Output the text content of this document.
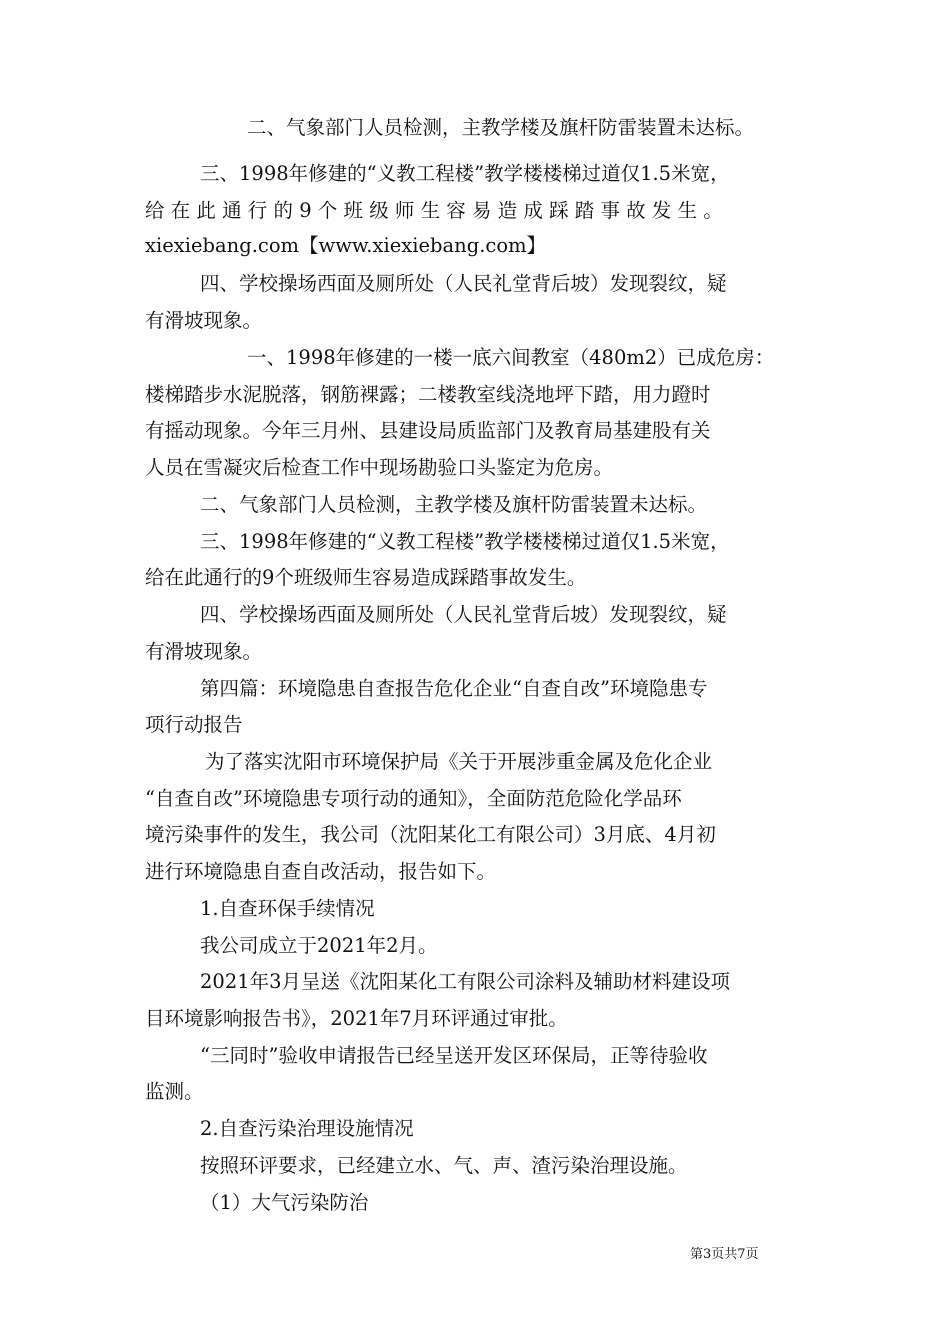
二、气象部门人员检测，主教学楼及旗杆防雷装置未达标。
三、1998年修建的“义教工程楼”教学楼楼梯过道仅1.5米宽，
给 在 此 通 行 的 9 个 班 级 师 生 容 易 造 成 踩 踏 事 故 发 生 。
xiexiebang.com【www.xiexiebang.com】
四、学校操场西面及厕所处（人民礼堂背后坡）发现裂纹，疑
有滑坡现象。
一、1998年修建的一楼一底六间教室（480m2）已成危房：
楼梯踏步水泥脱落，钢筋裸露；二楼教室线浇地坪下踏，用力蹬时
有摇动现象。今年三月州、县建设局质监部门及教育局基建股有关
人员在雪凝灾后检查工作中现场勘验口头鉴定为危房。
二、气象部门人员检测，主教学楼及旗杆防雷装置未达标。
三、1998年修建的“义教工程楼”教学楼楼梯过道仅1.5米宽，
给在此通行的9个班级师生容易造成踩踏事故发生。
四、学校操场西面及厕所处（人民礼堂背后坡）发现裂纹，疑
有滑坡现象。
第四篇：环境隐患自查报告危化企业“自查自改”环境隐患专
项行动报告
为了落实沈阳市环境保护局《关于开展涉重金属及危化企业
“自查自改”环境隐患专项行动的通知》，全面防范危险化学品环
境污染事件的发生，我公司（沈阳某化工有限公司）3月底、4月初
进行环境隐患自查自改活动，报告如下。
1.自查环保手续情况
我公司成立于2021年2月。
2021年3月呈送《沈阳某化工有限公司涂料及辅助材料建设项
目环境影响报告书》，2021年7月环评通过审批。
“三同时”验收申请报告已经呈送开发区环保局，正等待验收
监测。
2.自查污染治理设施情况
按照环评要求，已经建立水、气、声、渣污染治理设施。
（1）大气污染防治
第3页共7页
